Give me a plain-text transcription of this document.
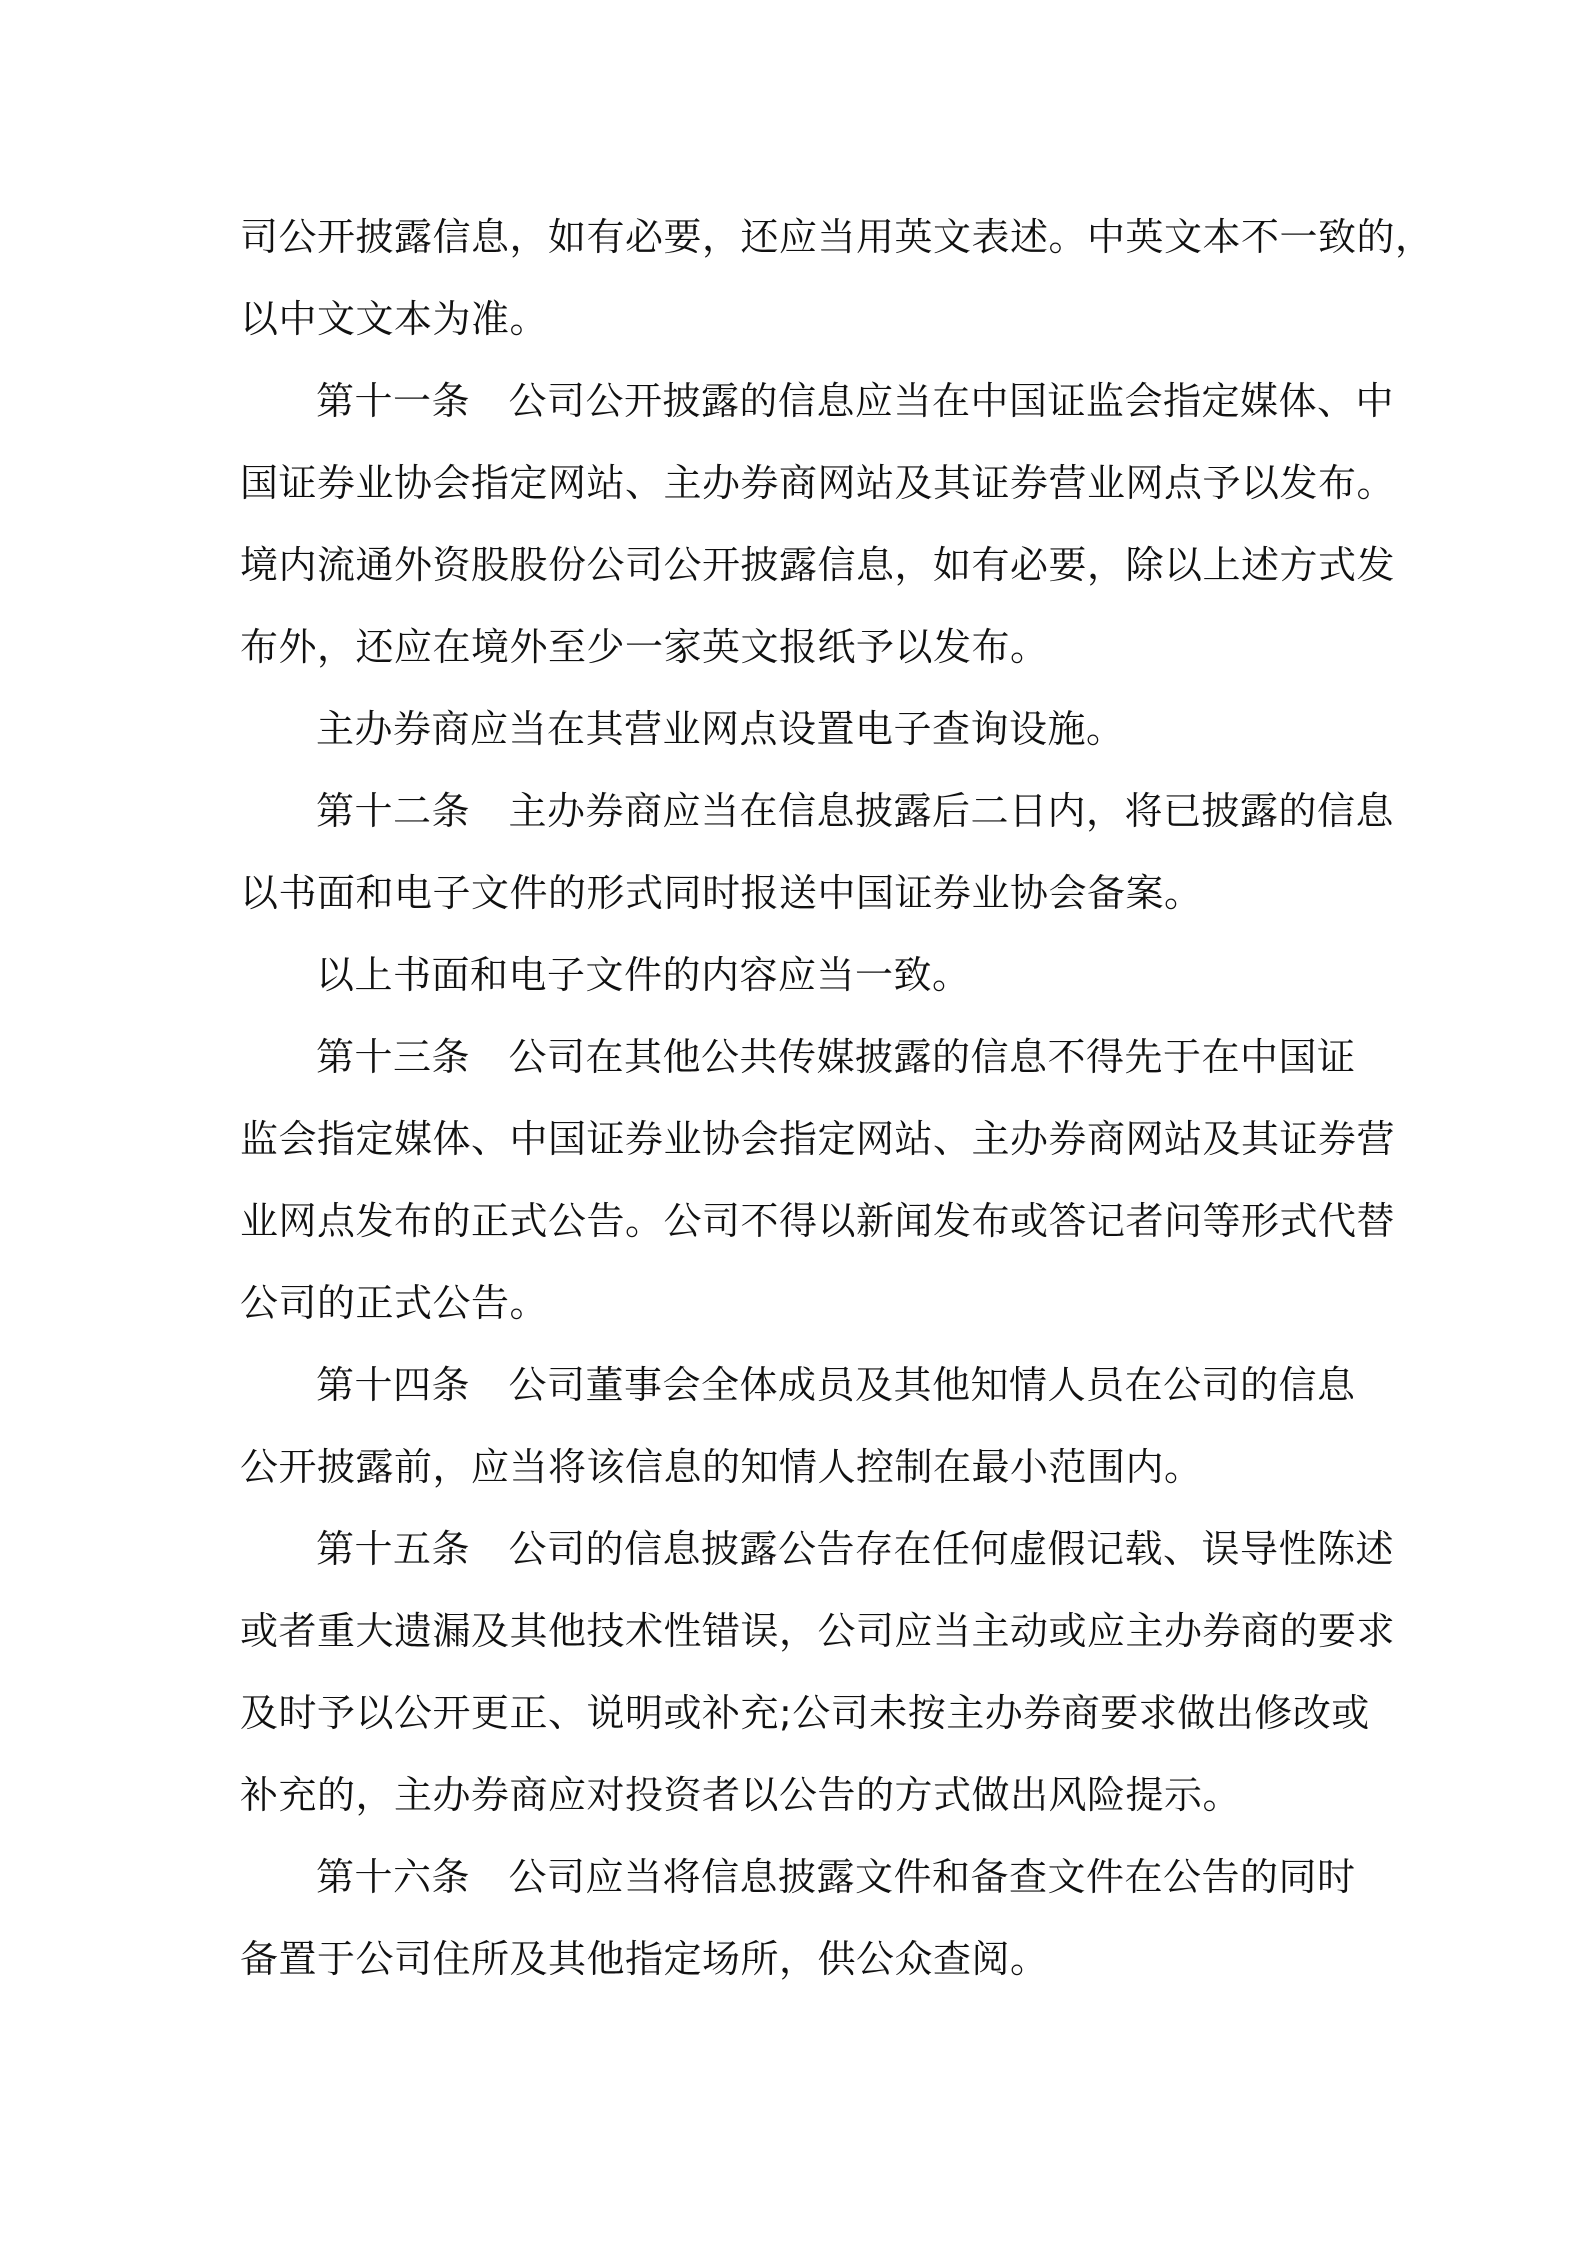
司公开披露信息，如有必要，还应当用英文表述。中英文本不一致的，
以中文文本为准。
第十一条　公司公开披露的信息应当在中国证监会指定媒体、中
国证券业协会指定网站、主办券商网站及其证券营业网点予以发布。
境内流通外资股股份公司公开披露信息，如有必要，除以上述方式发
布外，还应在境外至少一家英文报纸予以发布。
主办券商应当在其营业网点设置电子查询设施。
第十二条　主办券商应当在信息披露后二日内，将已披露的信息
以书面和电子文件的形式同时报送中国证券业协会备案。
以上书面和电子文件的内容应当一致。
第十三条　公司在其他公共传媒披露的信息不得先于在中国证
监会指定媒体、中国证券业协会指定网站、主办券商网站及其证券营
业网点发布的正式公告。公司不得以新闻发布或答记者问等形式代替
公司的正式公告。
第十四条　公司董事会全体成员及其他知情人员在公司的信息
公开披露前，应当将该信息的知情人控制在最小范围内。
第十五条　公司的信息披露公告存在任何虚假记载、误导性陈述
或者重大遗漏及其他技术性错误，公司应当主动或应主办券商的要求
及时予以公开更正、说明或补充;公司未按主办券商要求做出修改或
补充的，主办券商应对投资者以公告的方式做出风险提示。
第十六条　公司应当将信息披露文件和备查文件在公告的同时
备置于公司住所及其他指定场所，供公众查阅。
